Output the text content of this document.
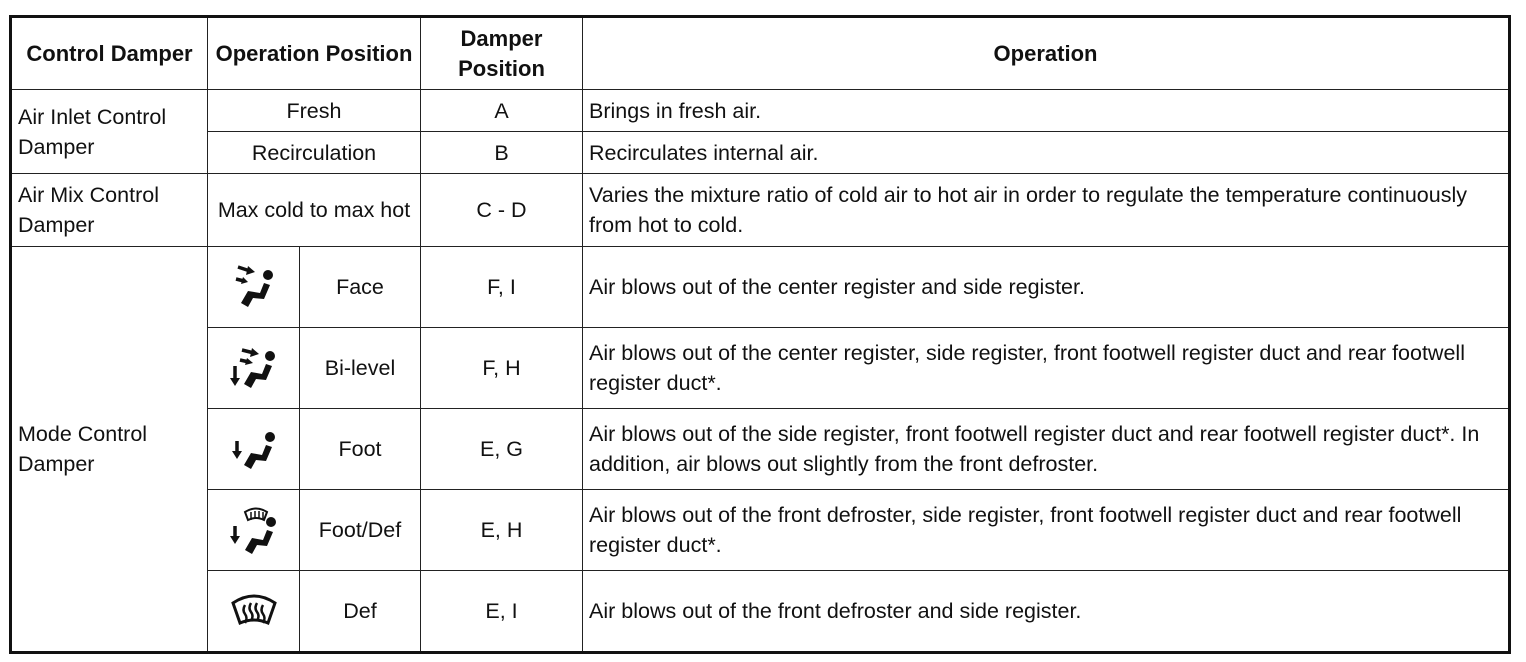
Control Damper	Operation Position		Damper Position	Operation
Air Inlet Control Damper	Fresh		A	Brings in fresh air.
	Recirculation		B	Recirculates internal air.
Air Mix Control Damper	Max cold to max hot		C - D	Varies the mixture ratio of cold air to hot air in order to regulate the temperature continuously from hot to cold.
Mode Control Damper		Face	F, I	Air blows out of the center register and side register.

	Bi-level	F, H	Air blows out of the center register, side register, front footwell register duct and rear footwell register duct*.

	Foot	E, G	Air blows out of the side register, front footwell register duct and rear footwell register duct*. In addition, air blows out slightly from the front defroster.

	Foot/Def	E, H	Air blows out of the front defroster, side register, front footwell register duct and rear footwell register duct*.

	Def	E, I	Air blows out of the front defroster and side register.
